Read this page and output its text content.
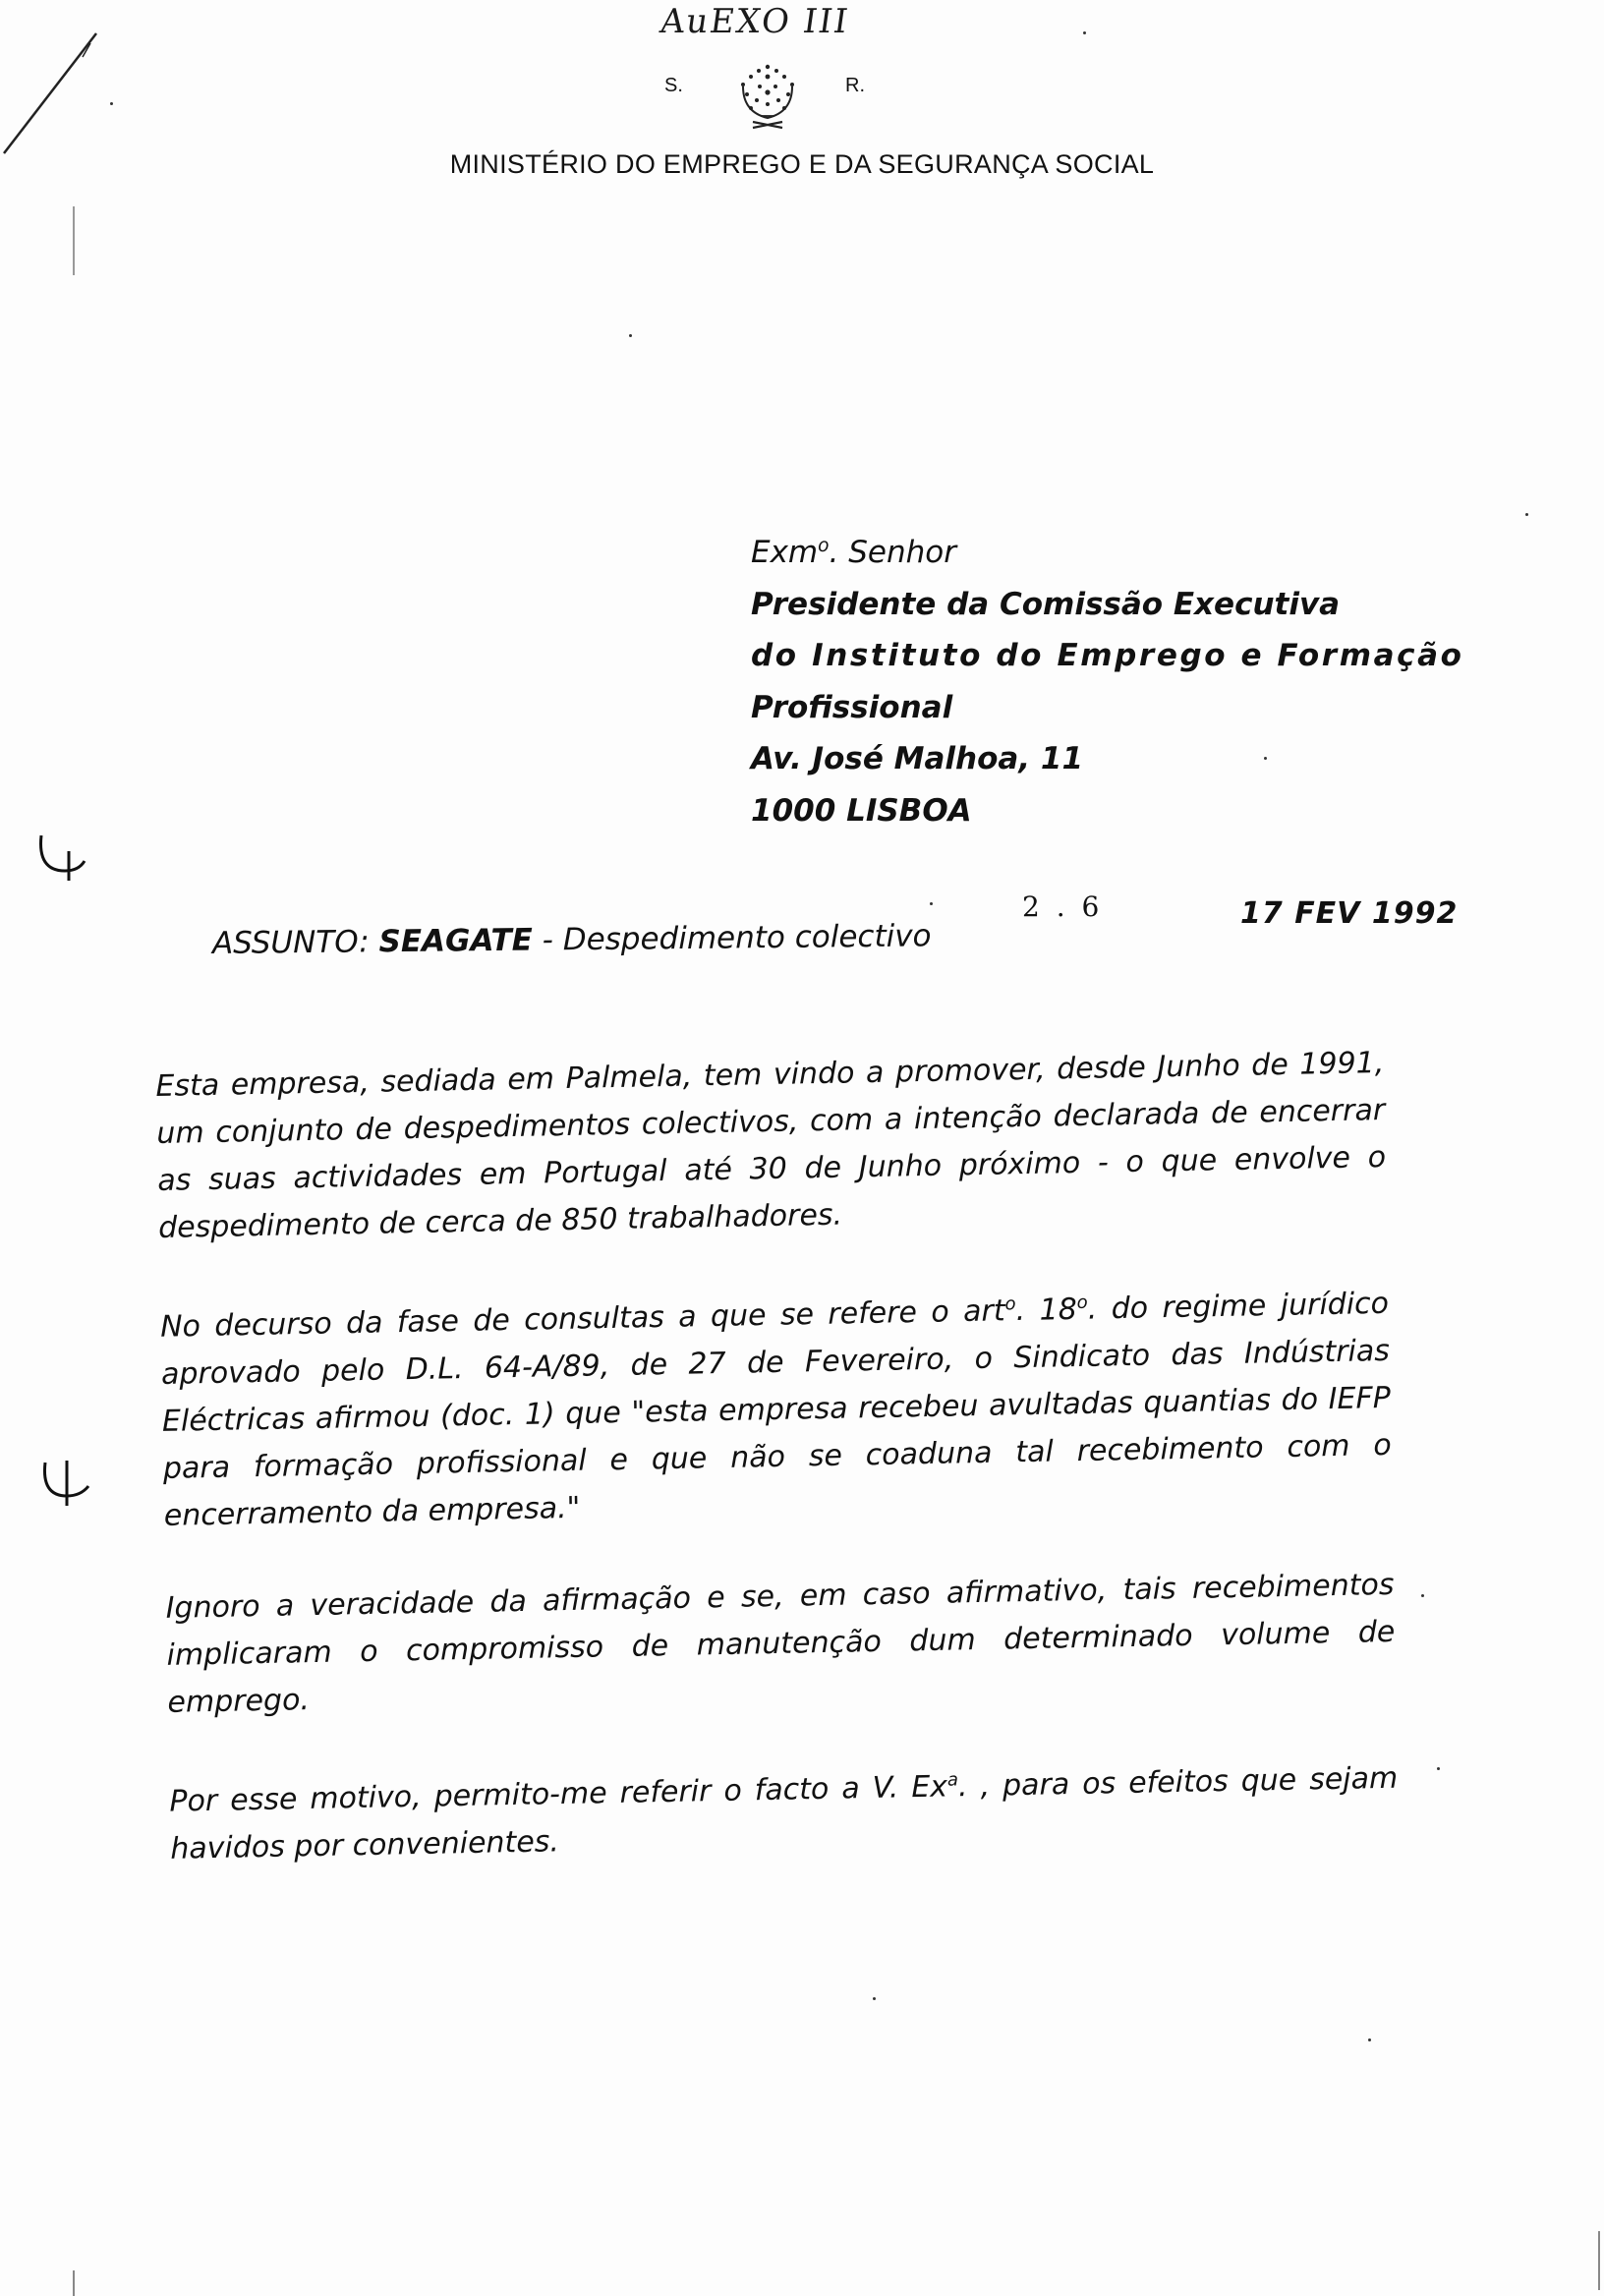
AuEXO III
S.	R.
MINISTÉRIO DO EMPREGO E DA SEGURANÇA SOCIAL
Exm$^o$. Senhor
Presidente da Comissão Executiva
do Instituto do Emprego e Formação
Profissional
Av. José Malhoa, 11
1000 LISBOA
2 . 6	17 FEV 1992
ASSUNTO: SEAGATE - Despedimento colectivo

Esta empresa, sediada em Palmela, tem vindo a promover, desde Junho de 1991, um conjunto de despedimentos colectivos, com a intenção declarada de encerrar as suas actividades em Portugal até 30 de Junho próximo - o que envolve o despedimento de cerca de 850 trabalhadores.

No decurso da fase de consultas a que se refere o art$^o$. 18$^o$. do regime jurídico aprovado pelo D.L. 64-A/89, de 27 de Fevereiro, o Sindicato das Indústrias Eléctricas afirmou (doc. 1) que "esta empresa recebeu avultadas quantias do IEFP para formação profissional e que não se coaduna tal recebimento com o encerramento da empresa."

Ignoro a veracidade da afirmação e se, em caso afirmativo, tais recebimentos implicaram o compromisso de manutenção dum determinado volume de emprego.

Por esse motivo, permito-me referir o facto a V. Ex$^a$. , para os efeitos que sejam havidos por convenientes.
